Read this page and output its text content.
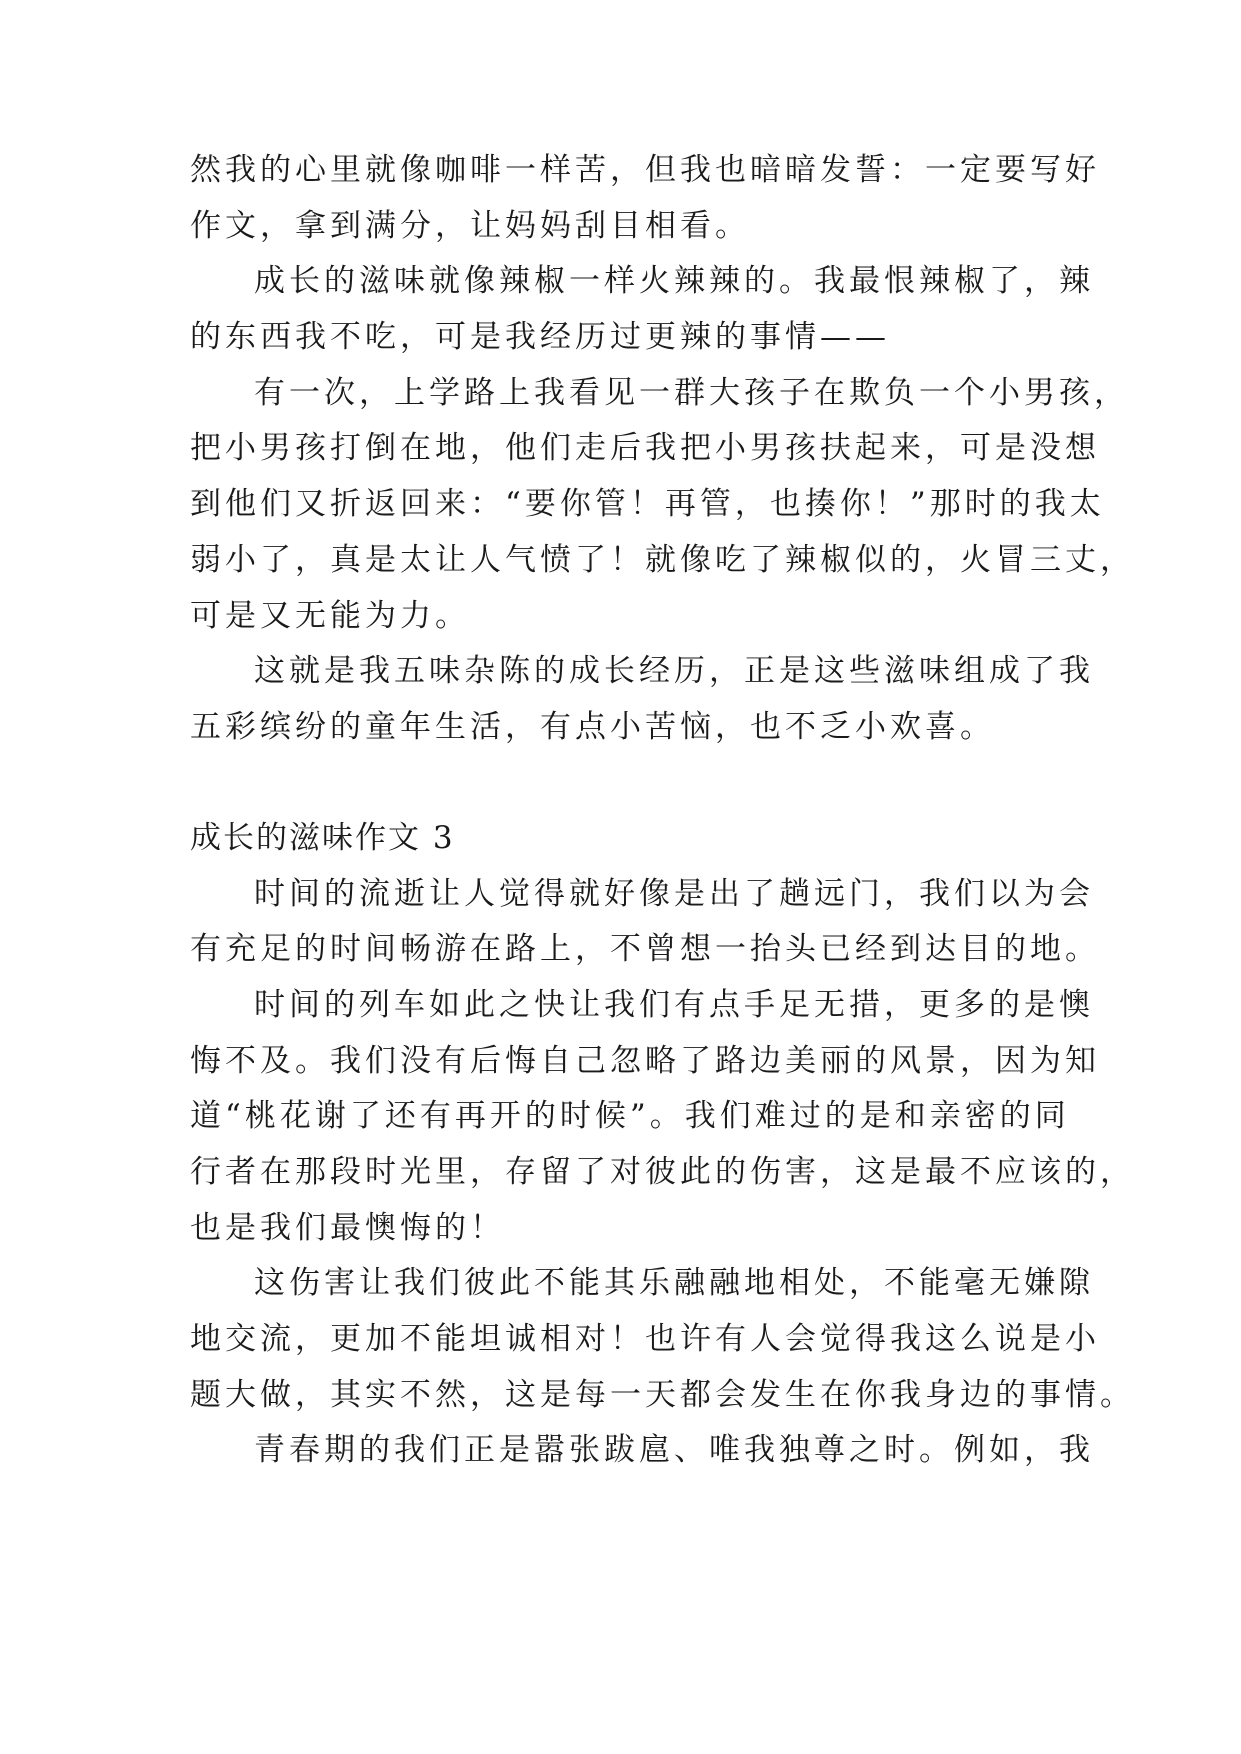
然我的心里就像咖啡一样苦，但我也暗暗发誓：一定要写好
作文，拿到满分，让妈妈刮目相看。
成长的滋味就像辣椒一样火辣辣的。我最恨辣椒了，辣
的东西我不吃，可是我经历过更辣的事情——
有一次，上学路上我看见一群大孩子在欺负一个小男孩，
把小男孩打倒在地，他们走后我把小男孩扶起来，可是没想
到他们又折返回来：“要你管！再管，也揍你！”那时的我太
弱小了，真是太让人气愤了！就像吃了辣椒似的，火冒三丈，
可是又无能为力。
这就是我五味杂陈的成长经历，正是这些滋味组成了我
五彩缤纷的童年生活，有点小苦恼，也不乏小欢喜。
成长的滋味作文 3
时间的流逝让人觉得就好像是出了趟远门，我们以为会
有充足的时间畅游在路上，不曾想一抬头已经到达目的地。
时间的列车如此之快让我们有点手足无措，更多的是懊
悔不及。我们没有后悔自己忽略了路边美丽的风景，因为知
道“桃花谢了还有再开的时候”。我们难过的是和亲密的同
行者在那段时光里，存留了对彼此的伤害，这是最不应该的，
也是我们最懊悔的！
这伤害让我们彼此不能其乐融融地相处，不能毫无嫌隙
地交流，更加不能坦诚相对！也许有人会觉得我这么说是小
题大做，其实不然，这是每一天都会发生在你我身边的事情。
青春期的我们正是嚣张跋扈、唯我独尊之时。例如，我
